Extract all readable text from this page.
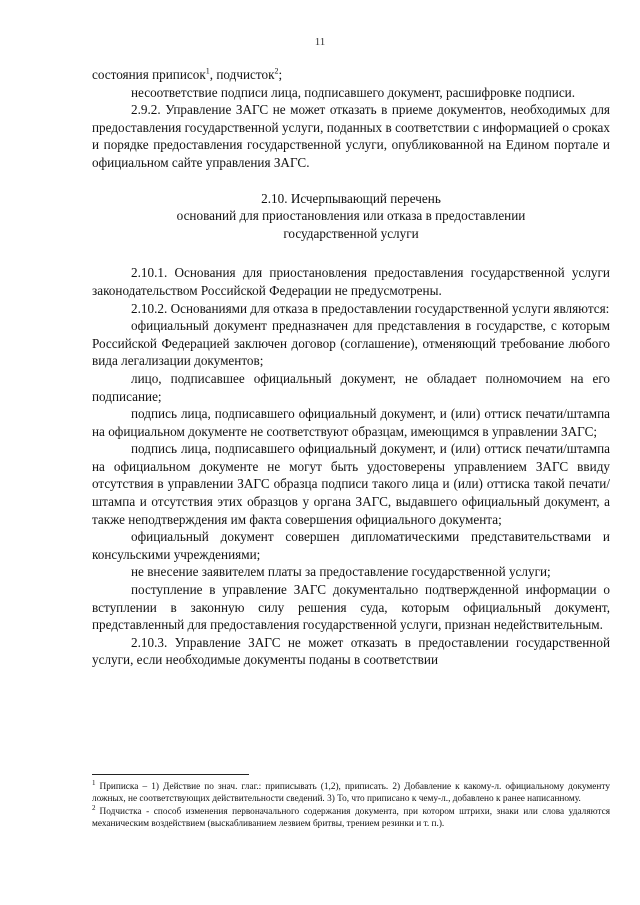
11

состояния приписок$^1$, подчисток$^2$;

несоответствие подписи лица, подписавшего документ, расшифровке подписи.

2.9.2. Управление ЗАГС не может отказать в приеме документов, необходимых для предоставления государственной услуги, поданных в соответствии с информацией о сроках и порядке предоставления государственной услуги, опубликованной на Едином портале и официальном сайте управления ЗАГС.

2.10. Исчерпывающий перечень
оснований для приостановления или отказа в предоставлении
государственной услуги

2.10.1. Основания для приостановления предоставления государственной услуги законодательством Российской Федерации не предусмотрены.

2.10.2. Основаниями для отказа в предоставлении государственной услуги являются:

официальный документ предназначен для представления в государстве, с которым Российской Федерацией заключен договор (соглашение), отменяющий требование любого вида легализации документов;

лицо, подписавшее официальный документ, не обладает полномочием на его подписание;

подпись лица, подписавшего официальный документ, и (или) оттиск печати/штампа на официальном документе не соответствуют образцам, имеющимся в управлении ЗАГС;

подпись лица, подписавшего официальный документ, и (или) оттиск печати/штампа на официальном документе не могут быть удостоверены управлением ЗАГС ввиду отсутствия в управлении ЗАГС образца подписи такого лица и (или) оттиска такой печати/штампа и отсутствия этих образцов у органа ЗАГС, выдавшего официальный документ, а также неподтверждения им факта совершения официального документа;

официальный документ совершен дипломатическими представительствами и консульскими учреждениями;

не внесение заявителем платы за предоставление государственной услуги;

поступление в управление ЗАГС документально подтвержденной информации о вступлении в законную силу решения суда, которым официальный документ, представленный для предоставления государственной услуги, признан недействительным.

2.10.3. Управление ЗАГС не может отказать в предоставлении государственной услуги, если необходимые документы поданы в соответствии

$^1$ Приписка – 1) Действие по знач. глаг.: приписывать (1,2), приписать. 2) Добавление к какому-л. официальному документу ложных, не соответствующих действительности сведений. 3) То, что приписано к чему-л., добавлено к ранее написанному.

$^2$ Подчистка - способ изменения первоначального содержания документа, при котором штрихи, знаки или слова удаляются механическим воздействием (выскабливанием лезвием бритвы, трением резинки и т. п.).
